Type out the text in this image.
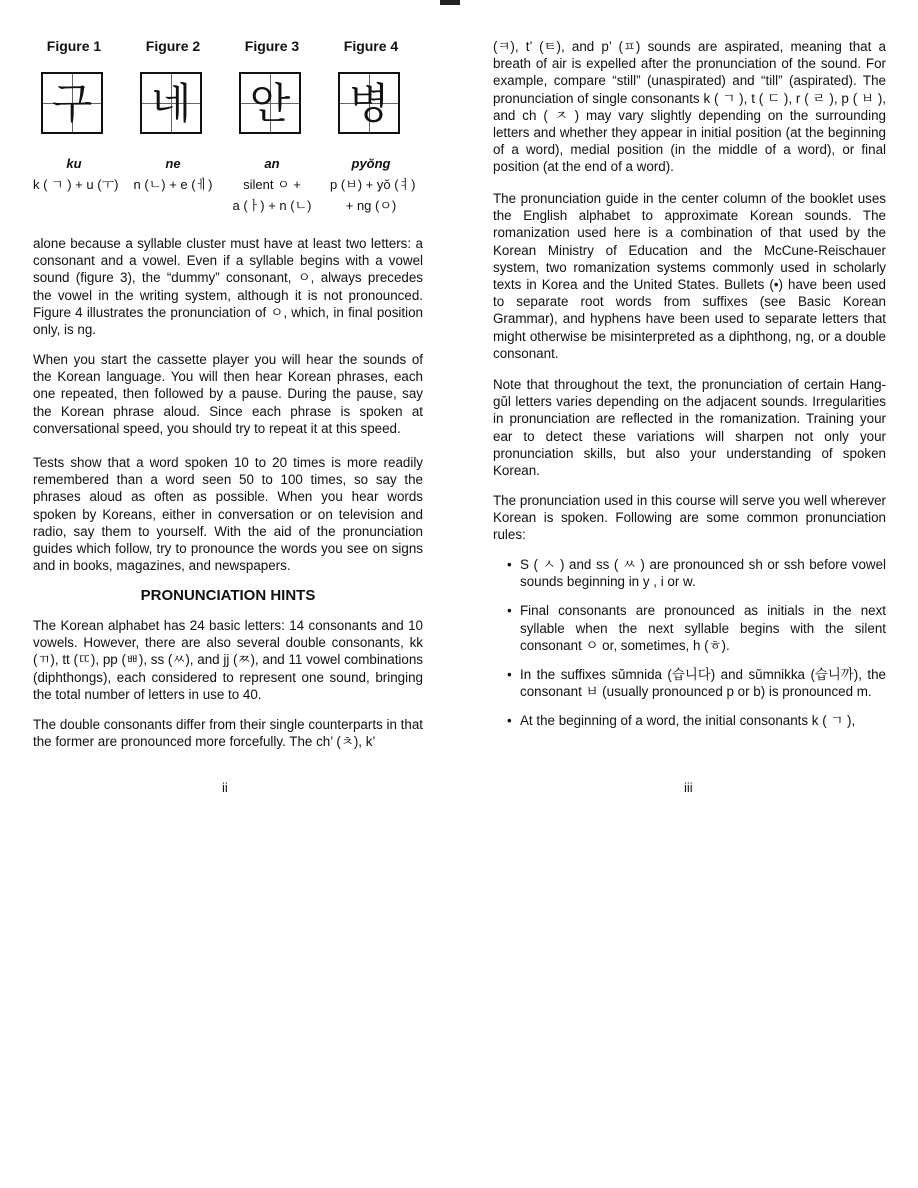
Figure 1
구
ku
k ( ㄱ ) + u (ㅜ)
Figure 2
네
ne
n (ㄴ) + e (ㅔ)
Figure 3
안
an
silent ㅇ +
a (ㅏ) + n (ㄴ)
Figure 4
병
pyŏng
p (ㅂ) + yŏ (ㅕ)
+ ng (ㅇ)

alone because a syllable cluster must have at least two letters: a consonant and a vowel. Even if a syllable begins with a vowel sound (figure 3), the “dummy” consonant, ㅇ, always precedes the vowel in the writing system, although it is not pronounced. Figure 4 illustrates the pronunciation of ㅇ, which, in final position only, is ng.

When you start the cassette player you will hear the sounds of the Korean language. You will then hear Korean phrases, each one repeated, then followed by a pause. During the pause, say the Korean phrase aloud. Since each phrase is spoken at conversational speed, you should try to repeat it at this speed.

Tests show that a word spoken 10 to 20 times is more readily remembered than a word seen 50 to 100 times, so say the phrases aloud as often as possible. When you hear words spoken by Koreans, either in conversation or on television and radio, say them to yourself. With the aid of the pronunciation guides which follow, try to pronounce the words you see on signs and in books, magazines, and newspapers.

PRONUNCIATION HINTS

The Korean alphabet has 24 basic letters: 14 consonants and 10 vowels. However, there are also several double consonants, kk (ㄲ), tt (ㄸ), pp (ㅃ), ss (ㅆ), and jj (ㅉ), and 11 vowel combinations (diphthongs), each considered to represent one sound, bringing the total number of letters in use to 40.

The double consonants differ from their single counterparts in that the former are pronounced more forcefully. The ch’ (ㅊ), k’

(ㅋ), t’ (ㅌ), and p’ (ㅍ) sounds are aspirated, meaning that a breath of air is expelled after the pronunciation of the sound. For example, compare “still” (unaspirated) and “till” (aspirated). The pronunciation of single consonants k ( ㄱ ), t ( ㄷ ), r ( ㄹ ), p ( ㅂ ), and ch ( ㅈ ) may vary slightly depending on the surrounding letters and whether they appear in initial position (at the beginning of a word), medial position (in the middle of a word), or final position (at the end of a word).

The pronunciation guide in the center column of the booklet uses the English alphabet to approximate Korean sounds. The romanization used here is a combination of that used by the Korean Ministry of Education and the McCune-Reischauer system, two romanization systems commonly used in scholarly texts in Korea and the United States. Bullets (•) have been used to separate root words from suffixes (see Basic Korean Grammar), and hyphens have been used to separate letters that might otherwise be misinterpreted as a diphthong, ng, or a double consonant.

Note that throughout the text, the pronunciation of certain Hang-gŭl letters varies depending on the adjacent sounds. Irregularities in pronunciation are reflected in the romanization. Training your ear to detect these variations will sharpen not only your pronunciation skills, but also your understanding of spoken Korean.

The pronunciation used in this course will serve you well wherever Korean is spoken. Following are some common pronunciation rules:

• S ( ㅅ ) and ss ( ㅆ ) are pronounced sh or ssh before vowel sounds beginning in y , i or w.
• Final consonants are pronounced as initials in the next syllable when the next syllable begins with the silent consonant ㅇ or, sometimes, h (ㅎ).
• In the suffixes sŭmnida (습니다) and sŭmnikka (습니까), the consonant ㅂ (usually pronounced p or b) is pronounced m.
• At the beginning of a word, the initial consonants k ( ㄱ ),
ii	iii
